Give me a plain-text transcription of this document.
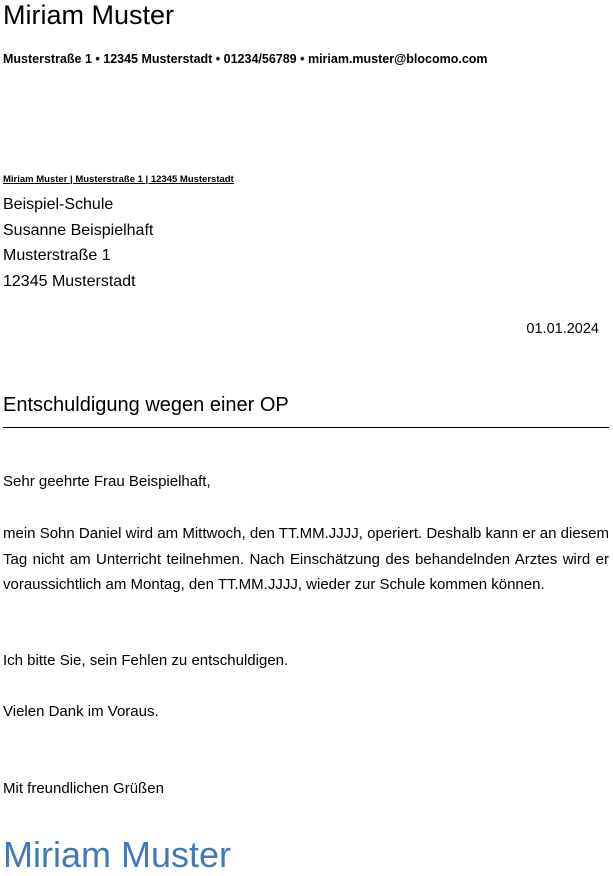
Miriam Muster
Musterstraße 1 • 12345 Musterstadt • 01234/56789 • miriam.muster@blocomo.com
Miriam Muster | Musterstraße 1 | 12345 Musterstadt
Beispiel-Schule
Susanne Beispielhaft
Musterstraße 1
12345 Musterstadt
01.01.2024
Entschuldigung wegen einer OP
Sehr geehrte Frau Beispielhaft,
mein Sohn Daniel wird am Mittwoch, den TT.MM.JJJJ, operiert. Deshalb kann er an diesem Tag nicht am Unterricht teilnehmen. Nach Einschätzung des behandelnden Arztes wird er voraussichtlich am Montag, den TT.MM.JJJJ, wieder zur Schule kommen können.
Ich bitte Sie, sein Fehlen zu entschuldigen.
Vielen Dank im Voraus.
Mit freundlichen Grüßen
Miriam Muster
